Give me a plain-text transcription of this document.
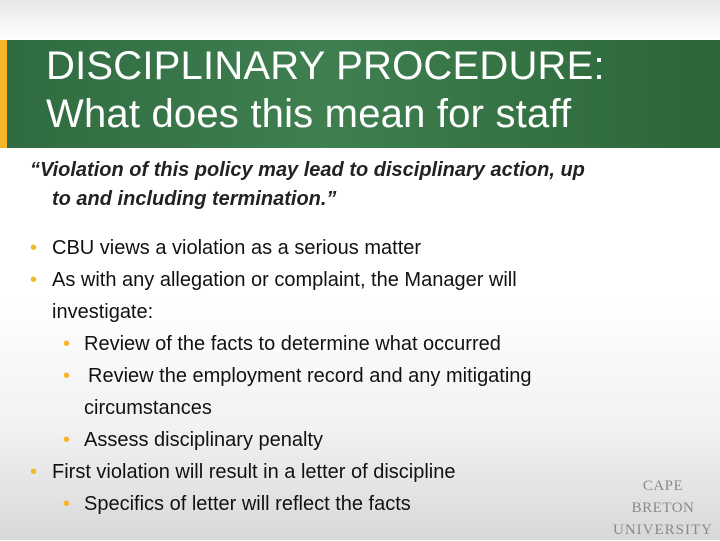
DISCIPLINARY PROCEDURE:
What does this mean for staff
“Violation of this policy may lead to disciplinary action, up
to and including termination.”
• CBU views a violation as a serious matter
• As with any allegation or complaint, the Manager will
investigate:
• Review of the facts to determine what occurred
• Review the employment record and any mitigating
circumstances
• Assess disciplinary penalty
• First violation will result in a letter of discipline
• Specifics of letter will reflect the facts
CAPE BRETON
UNIVERSITY
